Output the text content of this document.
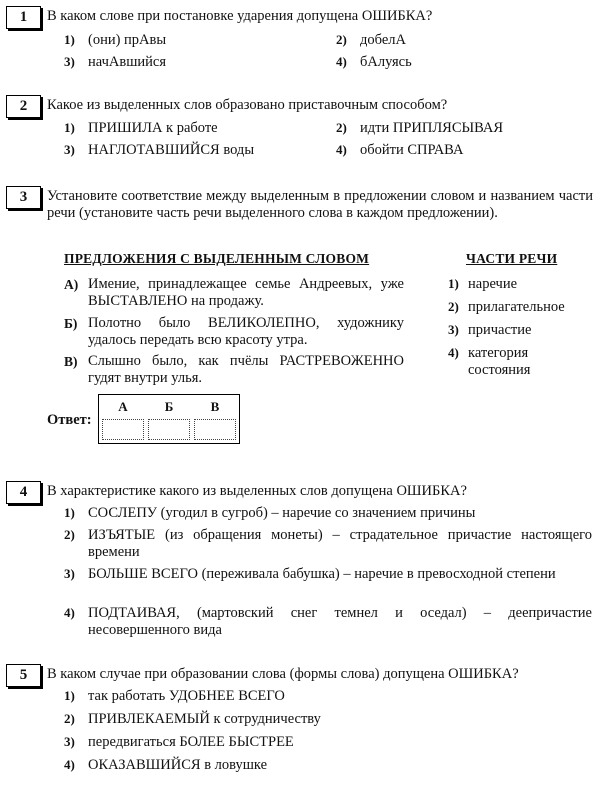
1	В каком слове при постановке ударения допущена ОШИБКА?
1) (они) прАвы	2) добелА
3) начАвшийся	4) бАлуясь
2	Какое из выделенных слов образовано приставочным способом?
1) ПРИШИЛА к работе	2) идти ПРИПЛЯСЫВАЯ
3) НАГЛОТАВШИЙСЯ воды	4) обойти СПРАВА
3	Установите соответствие между выделенным в предложении словом и названием части речи (установите часть речи выделенного слова в каждом предложении).
ПРЕДЛОЖЕНИЯ С ВЫДЕЛЕННЫМ СЛОВОМ	ЧАСТИ РЕЧИ
А) Имение, принадлежащее семье Андреевых, уже ВЫСТАВЛЕНО на продажу.
Б) Полотно было ВЕЛИКОЛЕПНО, художнику удалось передать всю красоту утра.
В) Слышно было, как пчёлы РАСТРЕВОЖЕННО гудят внутри улья.
1) наречие
2) прилагательное
3) причастие
4) категория состояния
Ответ:
А	Б	В
4	В характеристике какого из выделенных слов допущена ОШИБКА?
1) СОСЛЕПУ (угодил в сугроб) – наречие со значением причины
2) ИЗЪЯТЫЕ (из обращения монеты) – страдательное причастие настоящего времени
3) БОЛЬШЕ ВСЕГО (переживала бабушка) – наречие в превосходной степени
4) ПОДТАИВАЯ, (мартовский снег темнел и оседал) – деепричастие несовершенного вида
5	В каком случае при образовании слова (формы слова) допущена ОШИБКА?
1) так работать УДОБНЕЕ ВСЕГО
2) ПРИВЛЕКАЕМЫЙ к сотрудничеству
3) передвигаться БОЛЕЕ БЫСТРЕЕ
4) ОКАЗАВШИЙСЯ в ловушке
